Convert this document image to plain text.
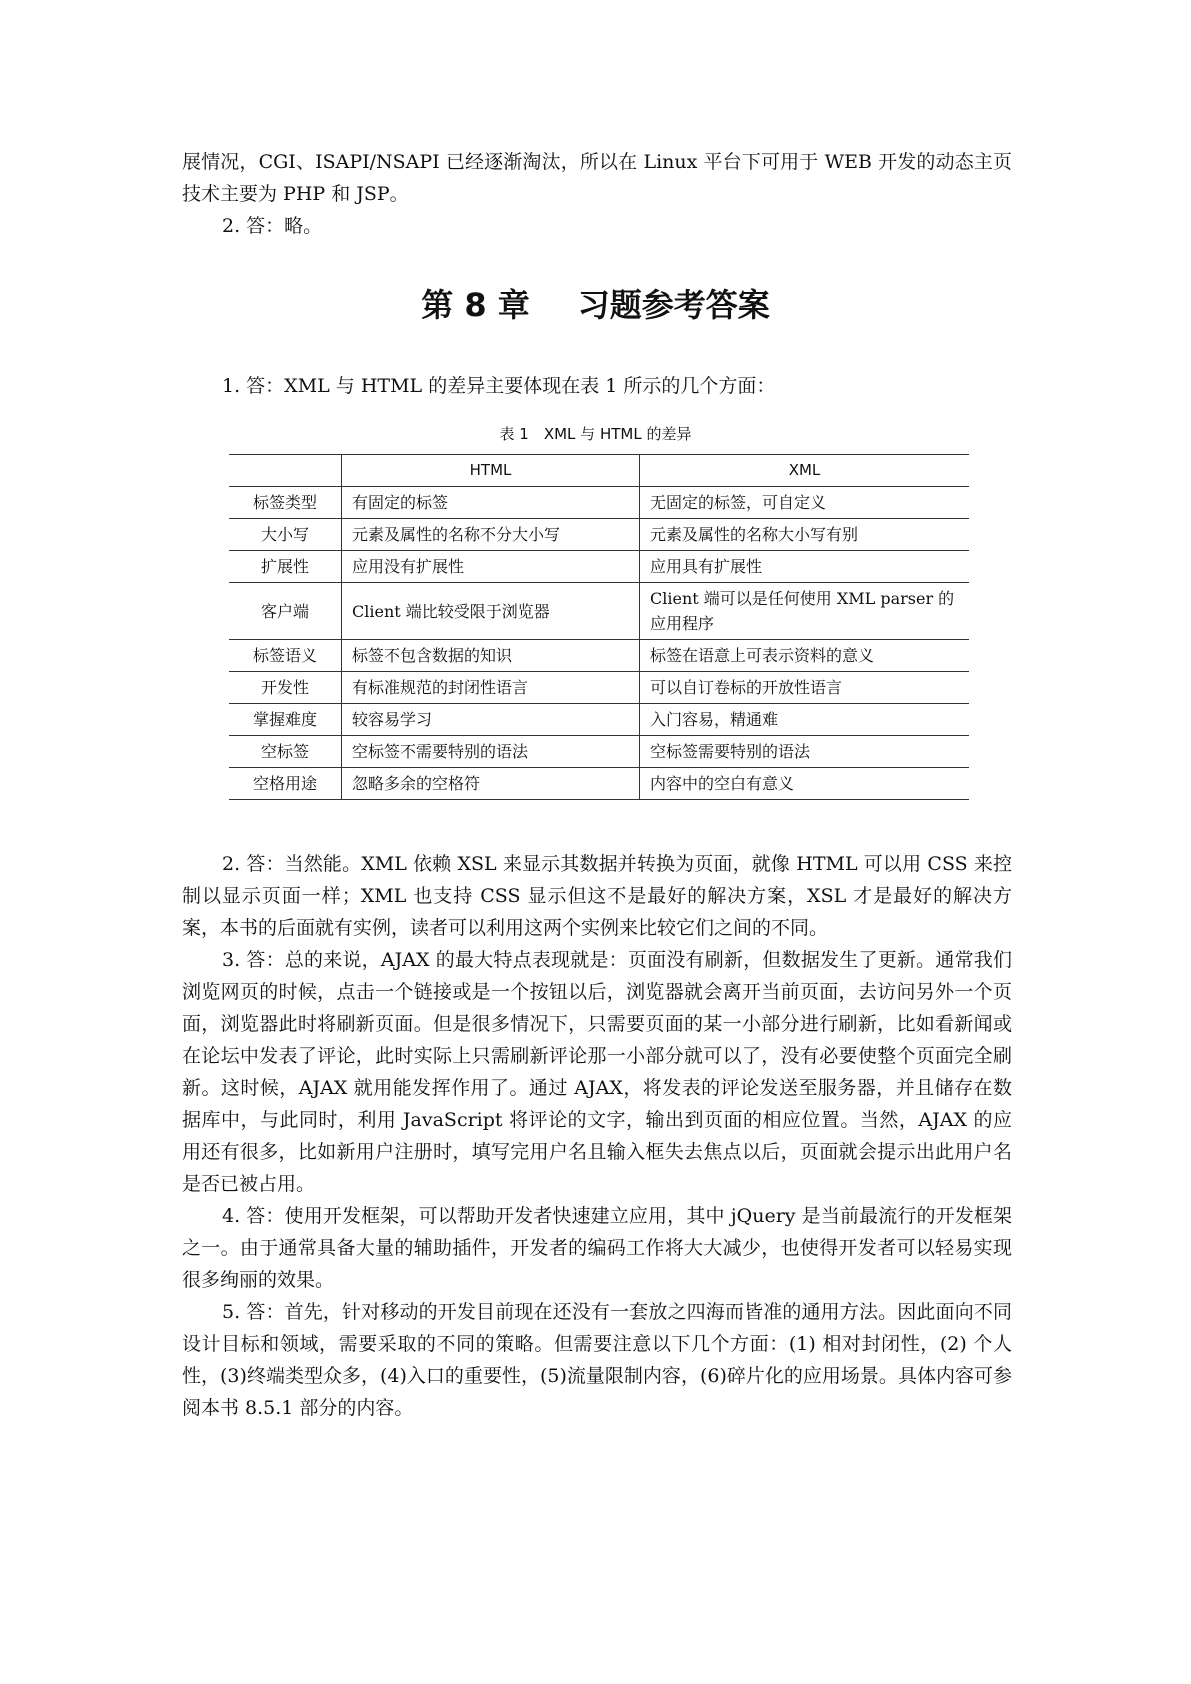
展情况，CGI、ISAPI/NSAPI 已经逐渐淘汰，所以在 Linux 平台下可用于 WEB 开发的动态主页技术主要为 PHP 和 JSP。

2. 答：略。

第 8 章 习题参考答案

1. 答：XML 与 HTML 的差异主要体现在表 1 所示的几个方面：

表 1　XML 与 HTML 的差异

	HTML	XML
标签类型	有固定的标签	无固定的标签，可自定义
大小写	元素及属性的名称不分大小写	元素及属性的名称大小写有别
扩展性	应用没有扩展性	应用具有扩展性
客户端	Client 端比较受限于浏览器	Client 端可以是任何使用 XML parser 的应用程序
标签语义	标签不包含数据的知识	标签在语意上可表示资料的意义
开发性	有标准规范的封闭性语言	可以自订卷标的开放性语言
掌握难度	较容易学习	入门容易，精通难
空标签	空标签不需要特别的语法	空标签需要特别的语法
空格用途	忽略多余的空格符	内容中的空白有意义

2. 答：当然能。XML 依赖 XSL 来显示其数据并转换为页面，就像 HTML 可以用 CSS 来控制以显示页面一样；XML 也支持 CSS 显示但这不是最好的解决方案，XSL 才是最好的解决方案，本书的后面就有实例，读者可以利用这两个实例来比较它们之间的不同。

3. 答：总的来说，AJAX 的最大特点表现就是：页面没有刷新，但数据发生了更新。通常我们浏览网页的时候，点击一个链接或是一个按钮以后，浏览器就会离开当前页面，去访问另外一个页面，浏览器此时将刷新页面。但是很多情况下，只需要页面的某一小部分进行刷新，比如看新闻或在论坛中发表了评论，此时实际上只需刷新评论那一小部分就可以了，没有必要使整个页面完全刷新。这时候，AJAX 就用能发挥作用了。通过 AJAX，将发表的评论发送至服务器，并且储存在数据库中，与此同时，利用 JavaScript 将评论的文字，输出到页面的相应位置。当然，AJAX 的应用还有很多，比如新用户注册时，填写完用户名且输入框失去焦点以后，页面就会提示出此用户名是否已被占用。

4. 答：使用开发框架，可以帮助开发者快速建立应用，其中 jQuery 是当前最流行的开发框架之一。由于通常具备大量的辅助插件，开发者的编码工作将大大减少，也使得开发者可以轻易实现很多绚丽的效果。

5. 答：首先，针对移动的开发目前现在还没有一套放之四海而皆准的通用方法。因此面向不同设计目标和领域，需要采取的不同的策略。但需要注意以下几个方面：(1) 相对封闭性，(2) 个人性，(3)终端类型众多，(4)入口的重要性，(5)流量限制内容，(6)碎片化的应用场景。具体内容可参阅本书 8.5.1 部分的内容。
